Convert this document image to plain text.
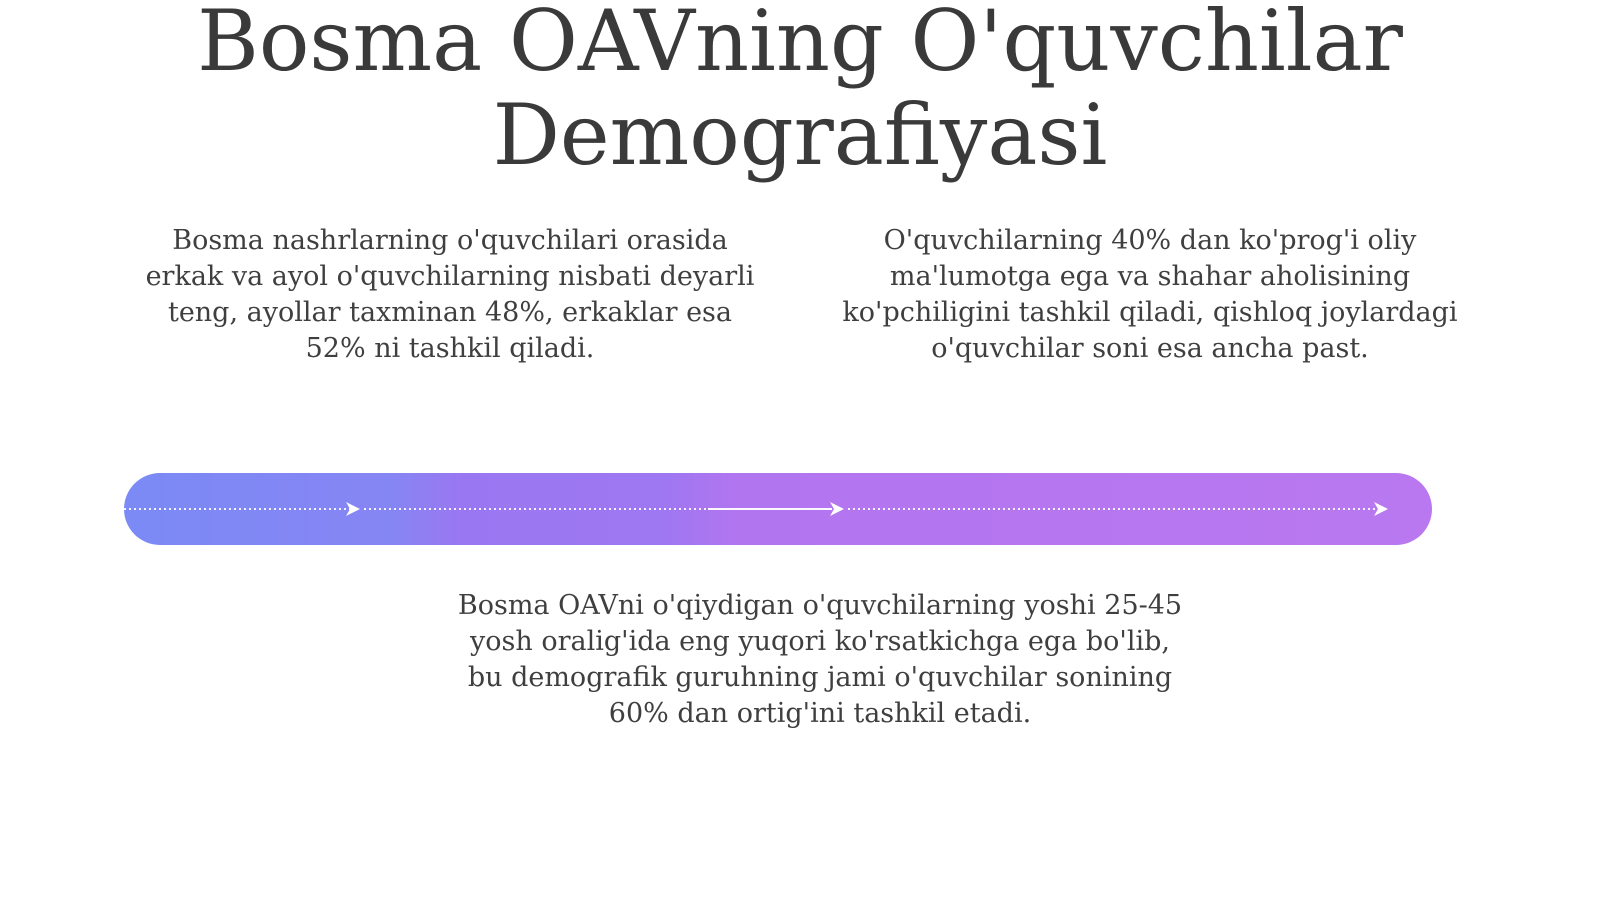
Bosma OAVning O'quvchilar
Demografiyasi

Bosma nashrlarning o'quvchilari orasida erkak va ayol o'quvchilarning nisbati deyarli teng, ayollar taxminan 48%, erkaklar esa 52% ni tashkil qiladi.

O'quvchilarning 40% dan ko'prog'i oliy ma'lumotga ega va shahar aholisining ko'pchiligini tashkil qiladi, qishloq joylardagi o'quvchilar soni esa ancha past.

Bosma OAVni o'qiydigan o'quvchilarning yoshi 25-45 yosh oralig'ida eng yuqori ko'rsatkichga ega bo'lib, bu demografik guruhning jami o'quvchilar sonining 60% dan ortig'ini tashkil etadi.
